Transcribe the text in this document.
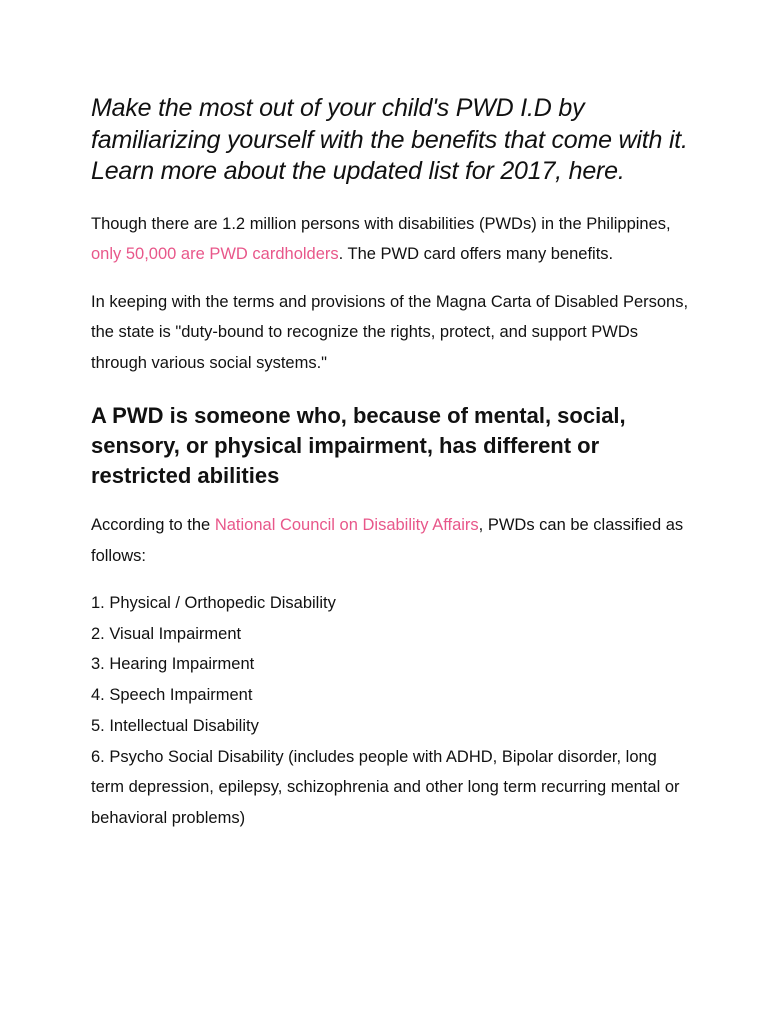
Make the most out of your child's PWD I.D by familiarizing yourself with the benefits that come with it. Learn more about the updated list for 2017, here.

Though there are 1.2 million persons with disabilities (PWDs) in the Philippines, only 50,000 are PWD cardholders. The PWD card offers many benefits.

In keeping with the terms and provisions of the Magna Carta of Disabled Persons, the state is "duty-bound to recognize the rights, protect, and support PWDs through various social systems."

A PWD is someone who, because of mental, social, sensory, or physical impairment, has different or restricted abilities

According to the National Council on Disability Affairs, PWDs can be classified as follows:

1. Physical / Orthopedic Disability
2. Visual Impairment
3. Hearing Impairment
4. Speech Impairment
5. Intellectual Disability
6. Psycho Social Disability (includes people with ADHD, Bipolar disorder, long term depression, epilepsy, schizophrenia and other long term recurring mental or behavioral problems)
